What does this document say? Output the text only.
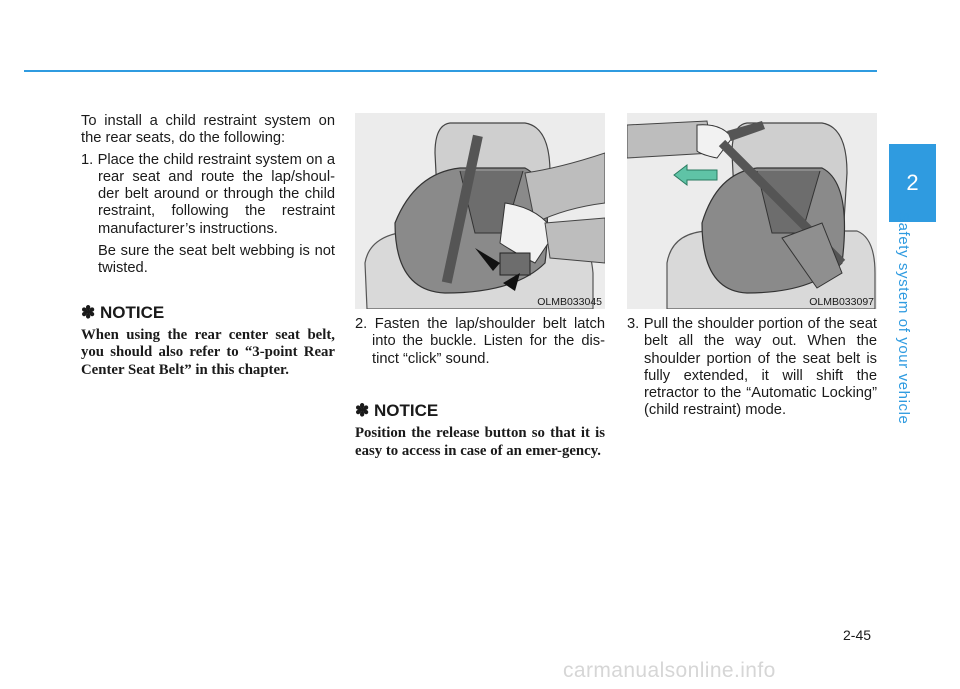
2
Safety system of your vehicle

To install a child restraint system on the rear seats, do the following:

1. Place the child restraint system on a rear seat and route the lap/shoul-der belt around or through the child restraint, following the restraint manufacturer’s instructions.

Be sure the seat belt webbing is not twisted.

✽ NOTICE

When using the rear center seat belt, you should also refer to “3-point Rear Center Seat Belt” in this chapter.

OLMB033045

2. Fasten the lap/shoulder belt latch into the buckle. Listen for the dis-tinct “click” sound.

✽ NOTICE

Position the release button so that it is easy to access in case of an emer-gency.

OLMB033097

3. Pull the shoulder portion of the seat belt all the way out. When the shoulder portion of the seat belt is fully extended, it will shift the retractor to the “Automatic Locking” (child restraint) mode.

2-45
carmanualsonline.info
